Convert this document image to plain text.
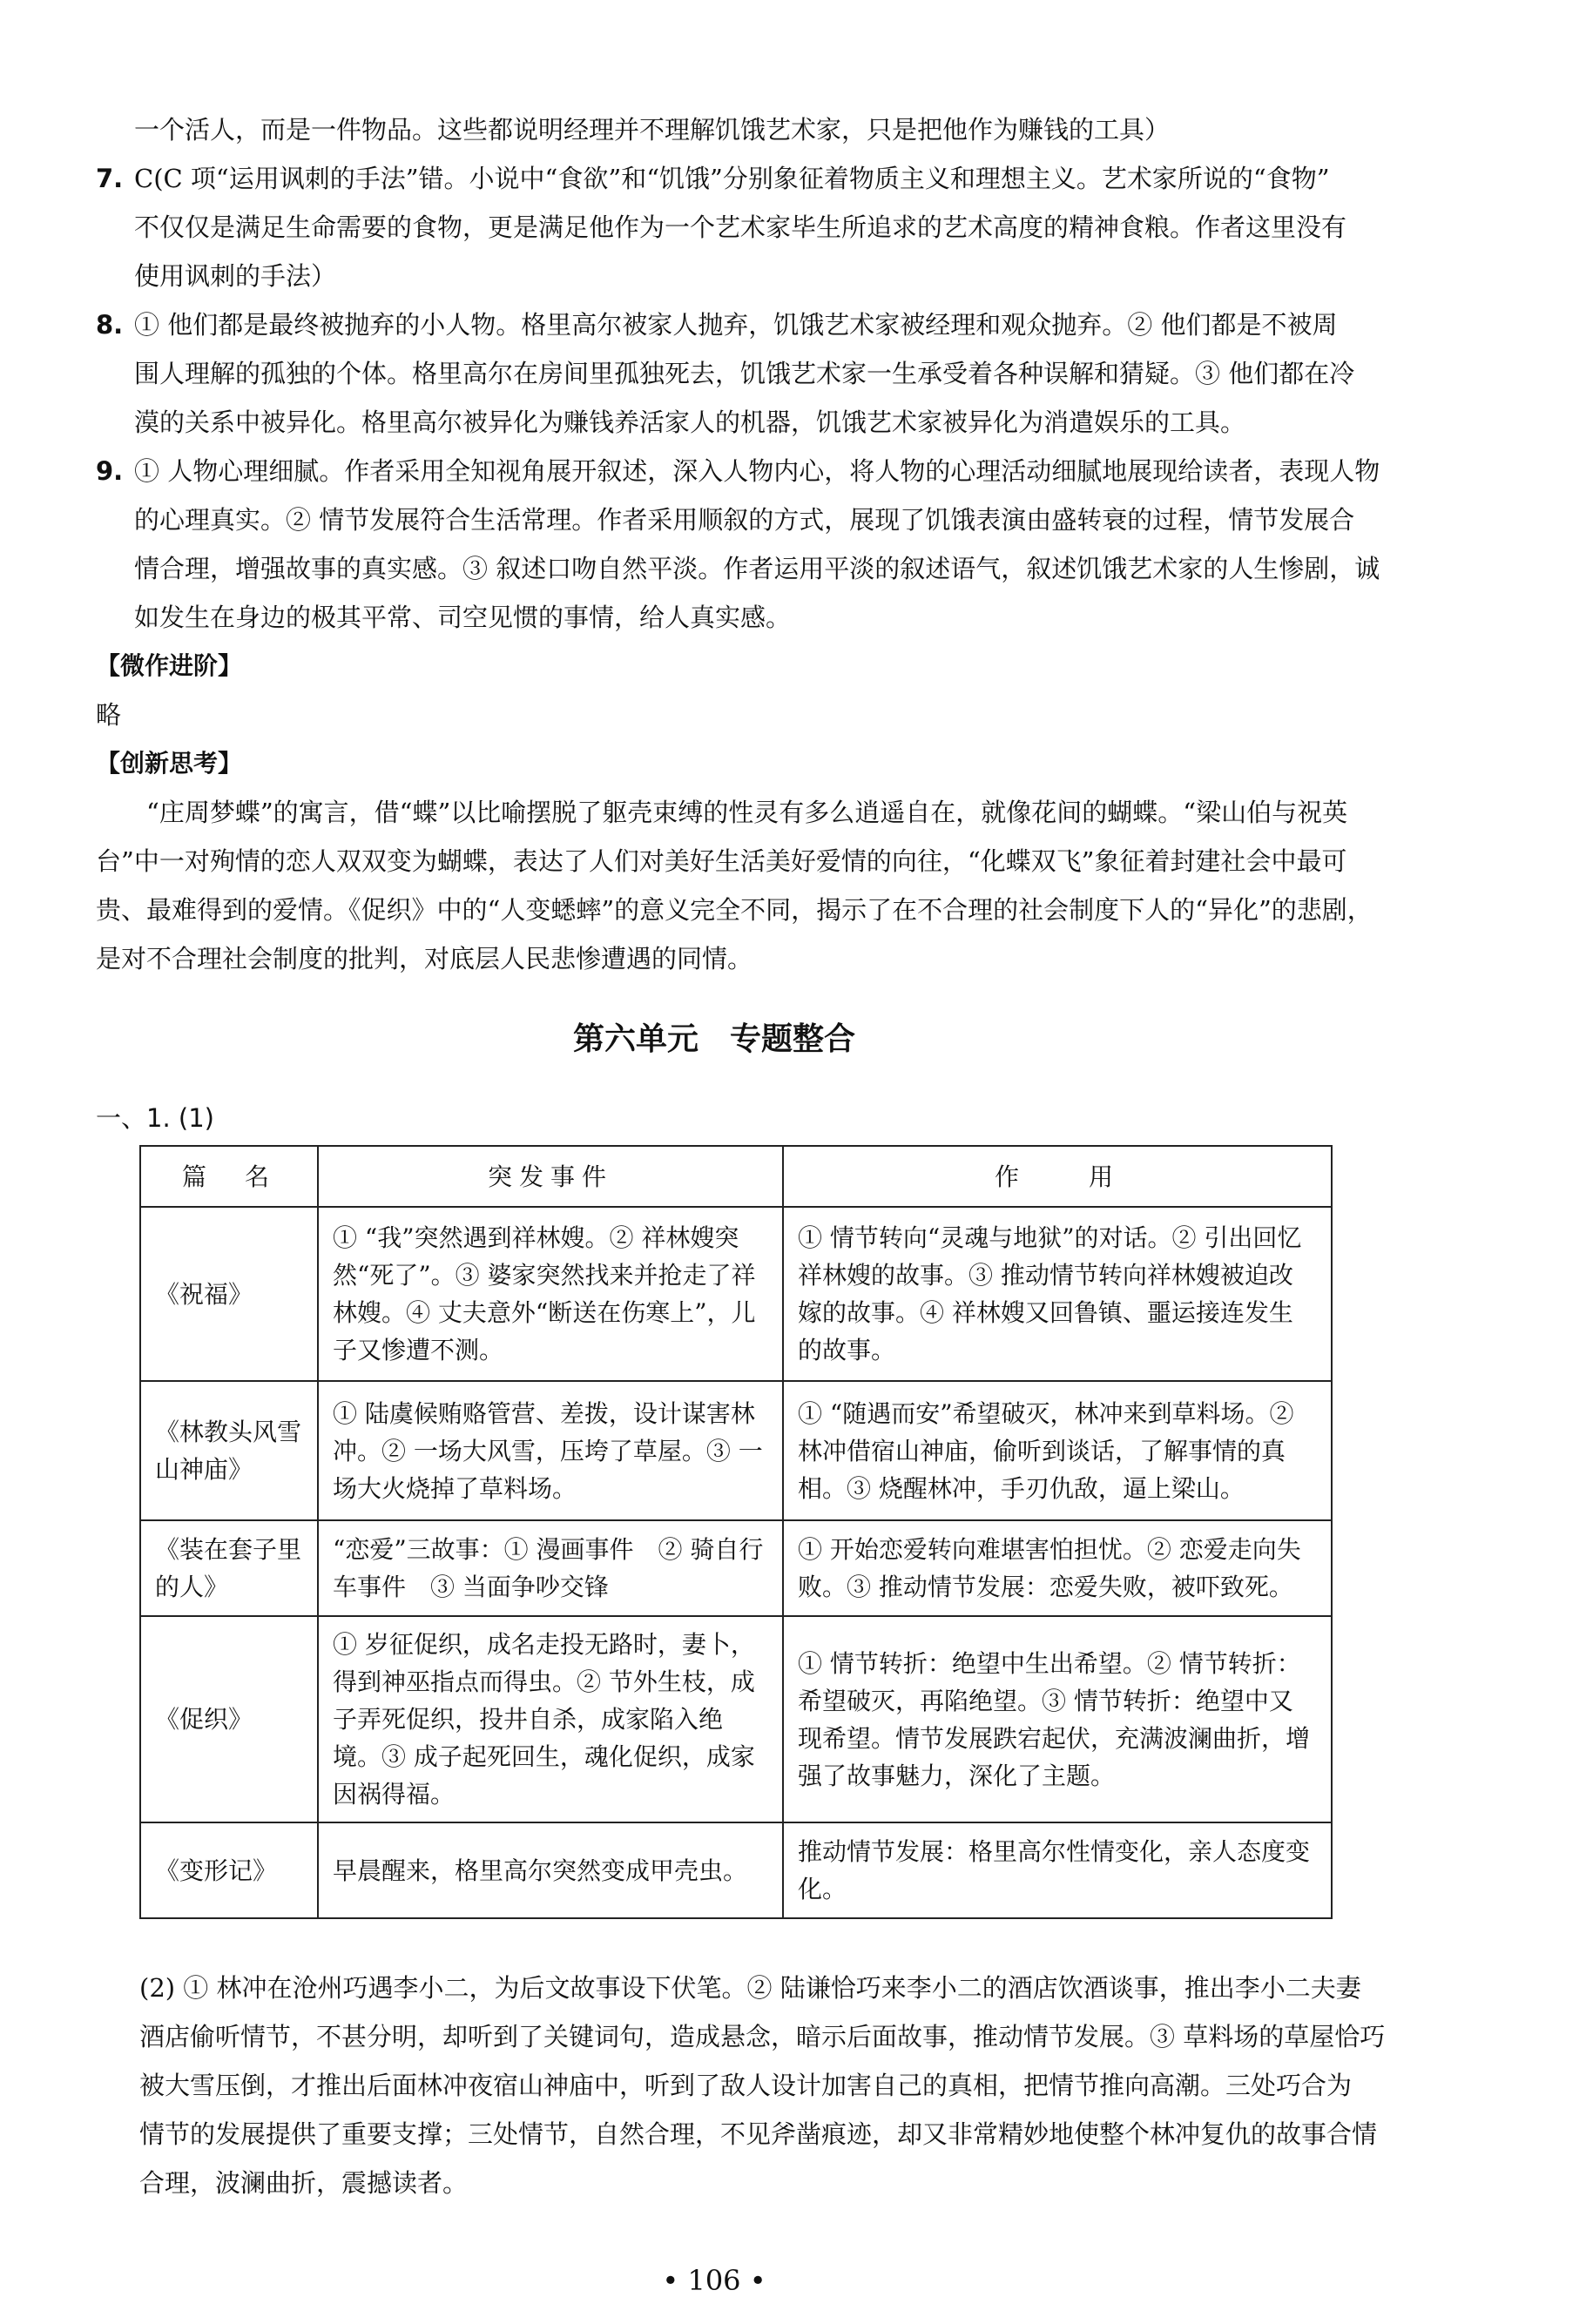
一个活人，而是一件物品。这些都说明经理并不理解饥饿艺术家，只是把他作为赚钱的工具）
7. C(C 项“运用讽刺的手法”错。小说中“食欲”和“饥饿”分别象征着物质主义和理想主义。艺术家所说的“食物”
不仅仅是满足生命需要的食物，更是满足他作为一个艺术家毕生所追求的艺术高度的精神食粮。作者这里没有
使用讽刺的手法）
8. ① 他们都是最终被抛弃的小人物。格里高尔被家人抛弃，饥饿艺术家被经理和观众抛弃。② 他们都是不被周
围人理解的孤独的个体。格里高尔在房间里孤独死去，饥饿艺术家一生承受着各种误解和猜疑。③ 他们都在冷
漠的关系中被异化。格里高尔被异化为赚钱养活家人的机器，饥饿艺术家被异化为消遣娱乐的工具。
9. ① 人物心理细腻。作者采用全知视角展开叙述，深入人物内心，将人物的心理活动细腻地展现给读者，表现人物
的心理真实。② 情节发展符合生活常理。作者采用顺叙的方式，展现了饥饿表演由盛转衰的过程，情节发展合
情合理，增强故事的真实感。③ 叙述口吻自然平淡。作者运用平淡的叙述语气，叙述饥饿艺术家的人生惨剧，诚
如发生在身边的极其平常、司空见惯的事情，给人真实感。
【微作进阶】
略
【创新思考】
“庄周梦蝶”的寓言，借“蝶”以比喻摆脱了躯壳束缚的性灵有多么逍遥自在，就像花间的蝴蝶。“梁山伯与祝英
台”中一对殉情的恋人双双变为蝴蝶，表达了人们对美好生活美好爱情的向往，“化蝶双飞”象征着封建社会中最可
贵、最难得到的爱情。《促织》中的“人变蟋蟀”的意义完全不同，揭示了在不合理的社会制度下人的“异化”的悲剧，
是对不合理社会制度的批判，对底层人民悲惨遭遇的同情。
第六单元　专题整合
一、1. (1)
篇　名	突发事件	作　　用
《祝福》	① “我”突然遇到祥林嫂。② 祥林嫂突然“死了”。③ 婆家突然找来并抢走了祥林嫂。④ 丈夫意外“断送在伤寒上”，儿子又惨遭不测。	① 情节转向“灵魂与地狱”的对话。② 引出回忆祥林嫂的故事。③ 推动情节转向祥林嫂被迫改嫁的故事。④ 祥林嫂又回鲁镇、噩运接连发生的故事。
《林教头风雪山神庙》	① 陆虞候贿赂管营、差拨，设计谋害林冲。② 一场大风雪，压垮了草屋。③ 一场大火烧掉了草料场。	① “随遇而安”希望破灭，林冲来到草料场。② 林冲借宿山神庙，偷听到谈话，了解事情的真相。③ 烧醒林冲，手刃仇敌，逼上梁山。
《装在套子里的人》	“恋爱”三故事：① 漫画事件　② 骑自行车事件　③ 当面争吵交锋	① 开始恋爱转向难堪害怕担忧。② 恋爱走向失败。③ 推动情节发展：恋爱失败，被吓致死。
《促织》	① 岁征促织，成名走投无路时，妻卜，得到神巫指点而得虫。② 节外生枝，成子弄死促织，投井自杀，成家陷入绝境。③ 成子起死回生，魂化促织，成家因祸得福。	① 情节转折：绝望中生出希望。② 情节转折：希望破灭，再陷绝望。③ 情节转折：绝望中又现希望。情节发展跌宕起伏，充满波澜曲折，增强了故事魅力，深化了主题。
《变形记》	早晨醒来，格里高尔突然变成甲壳虫。	推动情节发展：格里高尔性情变化，亲人态度变化。
(2) ① 林冲在沧州巧遇李小二，为后文故事设下伏笔。② 陆谦恰巧来李小二的酒店饮酒谈事，推出李小二夫妻
酒店偷听情节，不甚分明，却听到了关键词句，造成悬念，暗示后面故事，推动情节发展。③ 草料场的草屋恰巧
被大雪压倒，才推出后面林冲夜宿山神庙中，听到了敌人设计加害自己的真相，把情节推向高潮。三处巧合为
情节的发展提供了重要支撑；三处情节，自然合理，不见斧凿痕迹，却又非常精妙地使整个林冲复仇的故事合情
合理，波澜曲折，震撼读者。
• 106 •
